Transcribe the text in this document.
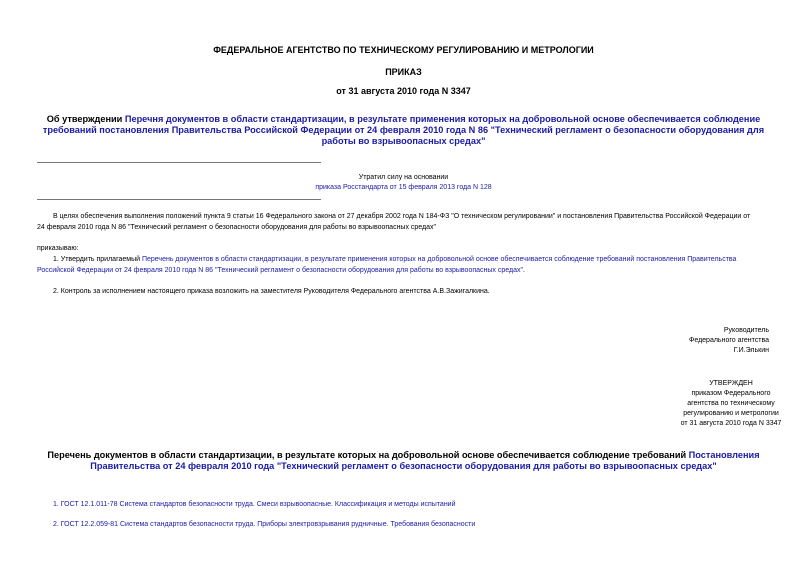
ФЕДЕРАЛЬНОЕ АГЕНТСТВО ПО ТЕХНИЧЕСКОМУ РЕГУЛИРОВАНИЮ И МЕТРОЛОГИИ
ПРИКАЗ
от 31 августа 2010 года N 3347
Об утверждении Перечня документов в области стандартизации, в результате применения которых на добровольной основе обеспечивается соблюдение
требований постановления Правительства Российской Федерации от 24 февраля 2010 года N 86 "Технический регламент о безопасности оборудования для
работы во взрывоопасных средах"
Утратил силу на основании
приказа Росстандарта от 15 февраля 2013 года N 128
В целях обеспечения выполнения положений пункта 9 статьи 16 Федерального закона от 27 декабря 2002 года N 184-ФЗ "О техническом регулировании" и постановления Правительства Российской Федерации от
24 февраля 2010 года N 86 "Технический регламент о безопасности оборудования для работы во взрывоопасных средах"
приказываю:
1. Утвердить прилагаемый Перечень документов в области стандартизации, в результате применения которых на добровольной основе обеспечивается соблюдение требований постановления Правительства
Российской Федерации от 24 февраля 2010 года N 86 "Технический регламент о безопасности оборудования для работы во взрывоопасных средах".
2. Контроль за исполнением настоящего приказа возложить на заместителя Руководителя Федерального агентства А.В.Зажигалкина.
Руководитель
Федерального агентства
Г.И.Элькин
УТВЕРЖДЕН
приказом Федерального
агентства по техническому
регулированию и метрологии
от 31 августа 2010 года N 3347
Перечень документов в области стандартизации, в результате которых на добровольной основе обеспечивается соблюдение требований Постановления
Правительства от 24 февраля 2010 года "Технический регламент о безопасности оборудования для работы во взрывоопасных средах"
1. ГОСТ 12.1.011-78 Система стандартов безопасности труда. Смеси взрывоопасные. Классификация и методы испытаний
2. ГОСТ 12.2.059-81 Система стандартов безопасности труда. Приборы электровзрывания рудничные. Требования безопасности
